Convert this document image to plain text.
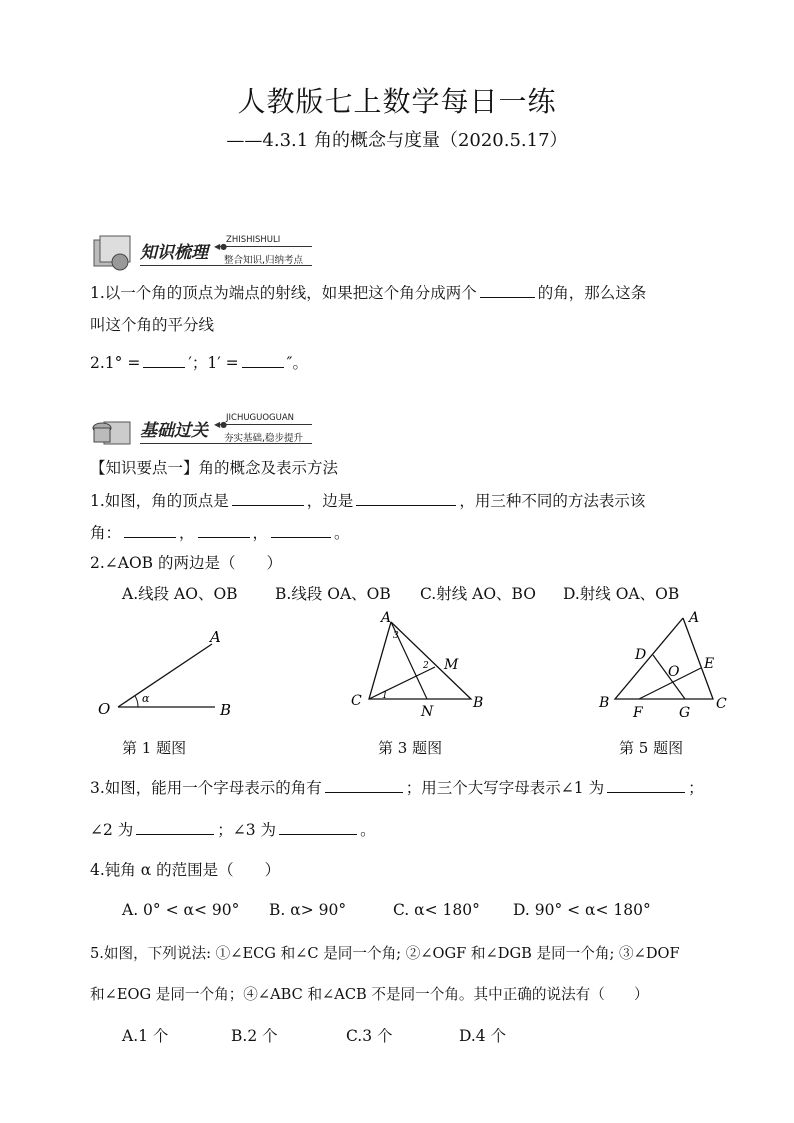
人教版七上数学每日一练
——4.3.1 角的概念与度量（2020.5.17）
知识梳理 ◀●
ZHISHISHULI
整合知识,归纳考点
1.以一个角的顶点为端点的射线，如果把这个角分成两个	的角，那么这条
叫这个角的平分线
2.1° =	′；1′ =	″。
基础过关 ◀●
JICHUGUOGUAN
夯实基础,稳步提升
【知识要点一】角的概念及表示方法
1.如图，角的顶点是	，边是	，用三种不同的方法表示该
角：	，	，	。
2.∠AOB 的两边是（　　）
A.线段 AO、OB B.线段 OA、OB C.射线 AO、BO D.射线 OA、OB
A
O	B
α
A
M
C
N
B
1
2
3
A
D
O E
B
F	G
C
第 1 题图	第 3 题图	第 5 题图
3.如图，能用一个字母表示的角有	；用三个大写字母表示∠1 为	；
∠2 为	；∠3 为	。
4.钝角 α 的范围是（　　）
A. 0° < α< 90° B. α> 90°	C. α< 180° D. 90° < α< 180°
5.如图，下列说法: ①∠ECG 和∠C 是同一个角; ②∠OGF 和∠DGB 是同一个角; ③∠DOF
和∠EOG 是同一个角；④∠ABC 和∠ACB 不是同一个角。其中正确的说法有（　　）
A.1 个	B.2 个	C.3 个	D.4 个
